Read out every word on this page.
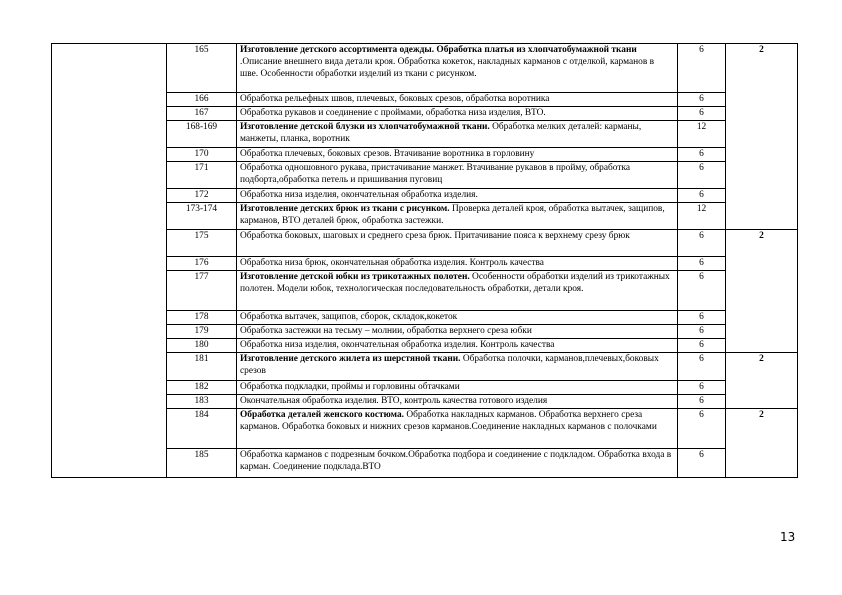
	165	Изготовление детского ассортимента одежды. Обработка платья из хлопчатобумажной ткани .Описание внешнего вида детали кроя. Обработка кокеток, накладных карманов с отделкой, карманов в шве. Особенности обработки изделий из ткани с рисунком.	6	2
	166	Обработка рельефных швов, плечевых, боковых срезов, обработка воротника	6	
	167	Обработка рукавов и соединение с проймами, обработка низа изделия, ВТО.	6	
	168-169	Изготовление детской блузки из хлопчатобумажной ткани. Обработка мелких деталей: карманы, манжеты, планка, воротник	12	
	170	Обработка плечевых, боковых срезов. Втачивание воротника в горловину	6	
	171	Обработка одношовного рукава, пристачивание манжет. Втачивание рукавов в пройму, обработка подборта,обработка петель и пришивания пуговиц	6	
	172	Обработка низа изделия, окончательная обработка изделия.	6	
	173-174	Изготовление детских брюк из ткани с рисунком. Проверка деталей кроя, обработка вытачек, защипов, карманов, ВТО деталей брюк, обработка застежки.	12	
	175	Обработка боковых, шаговых и среднего среза брюк. Притачивание пояса к верхнему срезу брюк	6	2
	176	Обработка низа брюк, окончательная обработка изделия. Контроль качества	6	
	177	Изготовление детской юбки из трикотажных полотен. Особенности обработки изделий из трикотажных полотен. Модели юбок, технологическая последовательность обработки, детали кроя.	6	
	178	Обработка вытачек, защипов, сборок, складок,кокеток	6	
	179	Обработка застежки на тесьму – молнии, обработка верхнего среза юбки	6	
	180	Обработка низа изделия, окончательная обработка изделия. Контроль качества	6	
	181	Изготовление детского жилета из шерстяной ткани. Обработка полочки, карманов,плечевых,боковых срезов	6	2
	182	Обработка подкладки, проймы и горловины обтачками	6	
	183	Окончательная обработка изделия. ВТО, контроль качества готового изделия	6	
	184	Обработка деталей женского костюма. Обработка накладных карманов. Обработка верхнего среза карманов. Обработка боковых и нижних срезов карманов.Соединение накладных карманов с полочками	6	2
	185	Обработка карманов с подрезным бочком.Обработка подбора и соединение с подкладом. Обработка входа в карман. Соединение подклада.ВТО	6	
13
